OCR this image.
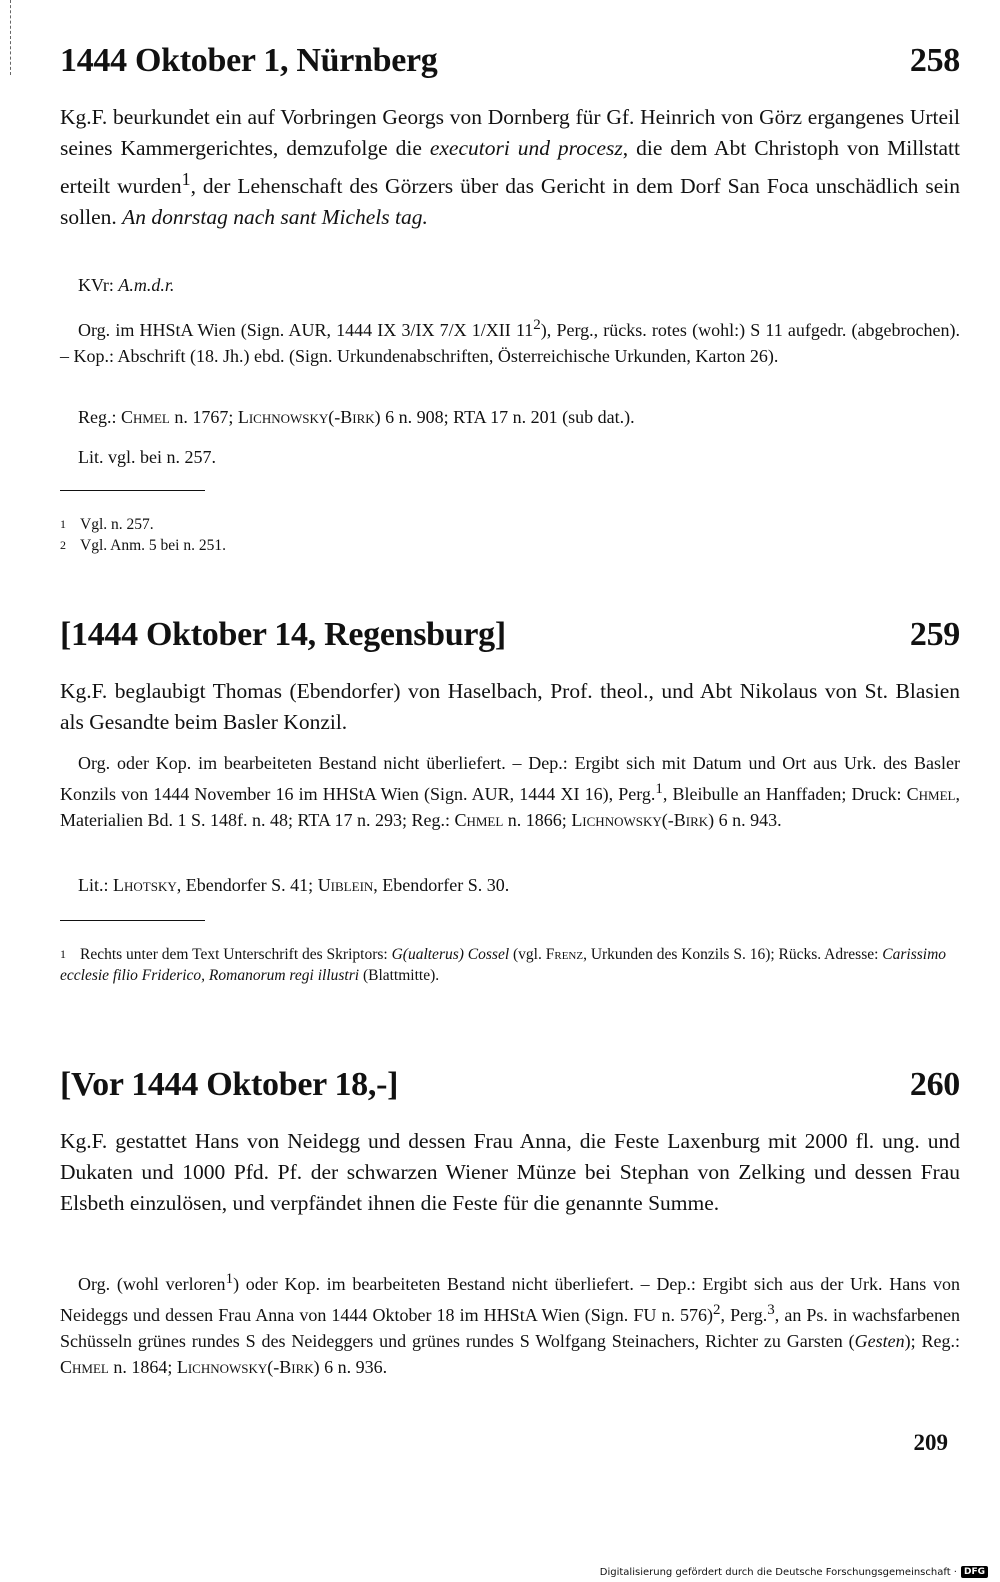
1444 Oktober 1, Nürnberg	258

Kg.F. beurkundet ein auf Vorbringen Georgs von Dornberg für Gf. Heinrich von Görz ergangenes Urteil seines Kammergerichtes, demzufolge die executori und procesz, die dem Abt Christoph von Millstatt erteilt wurden$^1$, der Lehenschaft des Görzers über das Gericht in dem Dorf San Foca unschädlich sein sollen. An donrstag nach sant Michels tag.

KVr: A.m.d.r.

Org. im HHStA Wien (Sign. AUR, 1444 IX 3/IX 7/X 1/XII $11^2$), Perg., rücks. rotes (wohl:) S 11 aufgedr. (abgebrochen). – Kop.: Abschrift (18. Jh.) ebd. (Sign. Urkundenabschriften, Österreichische Urkunden, Karton 26).

Reg.: Chmel n. 1767; Lichnowsky(-Birk) 6 n. 908; RTA 17 n. 201 (sub dat.).

Lit. vgl. bei n. 257.

1 Vgl. n. 257.

2 Vgl. Anm. 5 bei n. 251.

[1444 Oktober 14, Regensburg]	259

Kg.F. beglaubigt Thomas (Ebendorfer) von Haselbach, Prof. theol., und Abt Nikolaus von St. Blasien als Gesandte beim Basler Konzil.

Org. oder Kop. im bearbeiteten Bestand nicht überliefert. – Dep.: Ergibt sich mit Datum und Ort aus Urk. des Basler Konzils von 1444 November 16 im HHStA Wien (Sign. AUR, 1444 XI 16), Perg.$^1$, Bleibulle an Hanffaden; Druck: Chmel, Materialien Bd. 1 S. 148f. n. 48; RTA 17 n. 293; Reg.: Chmel n. 1866; Lichnowsky(-Birk) 6 n. 943.

Lit.: Lhotsky, Ebendorfer S. 41; Uiblein, Ebendorfer S. 30.

1 Rechts unter dem Text Unterschrift des Skriptors: G(ualterus) Cossel (vgl. Frenz, Urkunden des Konzils S. 16); Rücks. Adresse: Carissimo ecclesie filio Friderico, Romanorum regi illustri (Blattmitte).

[Vor 1444 Oktober 18,-]	260

Kg.F. gestattet Hans von Neidegg und dessen Frau Anna, die Feste Laxenburg mit 2000 fl. ung. und Dukaten und 1000 Pfd. Pf. der schwarzen Wiener Münze bei Stephan von Zelking und dessen Frau Elsbeth einzulösen, und verpfändet ihnen die Feste für die genannte Summe.

Org. (wohl verloren$^1$) oder Kop. im bearbeiteten Bestand nicht überliefert. – Dep.: Ergibt sich aus der Urk. Hans von Neideggs und dessen Frau Anna von 1444 Oktober 18 im HHStA Wien (Sign. FU n. 576)$^2$, Perg.$^3$, an Ps. in wachsfarbenen Schüsseln grünes rundes S des Neideggers und grünes rundes S Wolfgang Steinachers, Richter zu Garsten (Gesten); Reg.: Chmel n. 1864; Lichnowsky(-Birk) 6 n. 936.

209
Digitalisierung gefördert durch die Deutsche Forschungsgemeinschaft · DFG
